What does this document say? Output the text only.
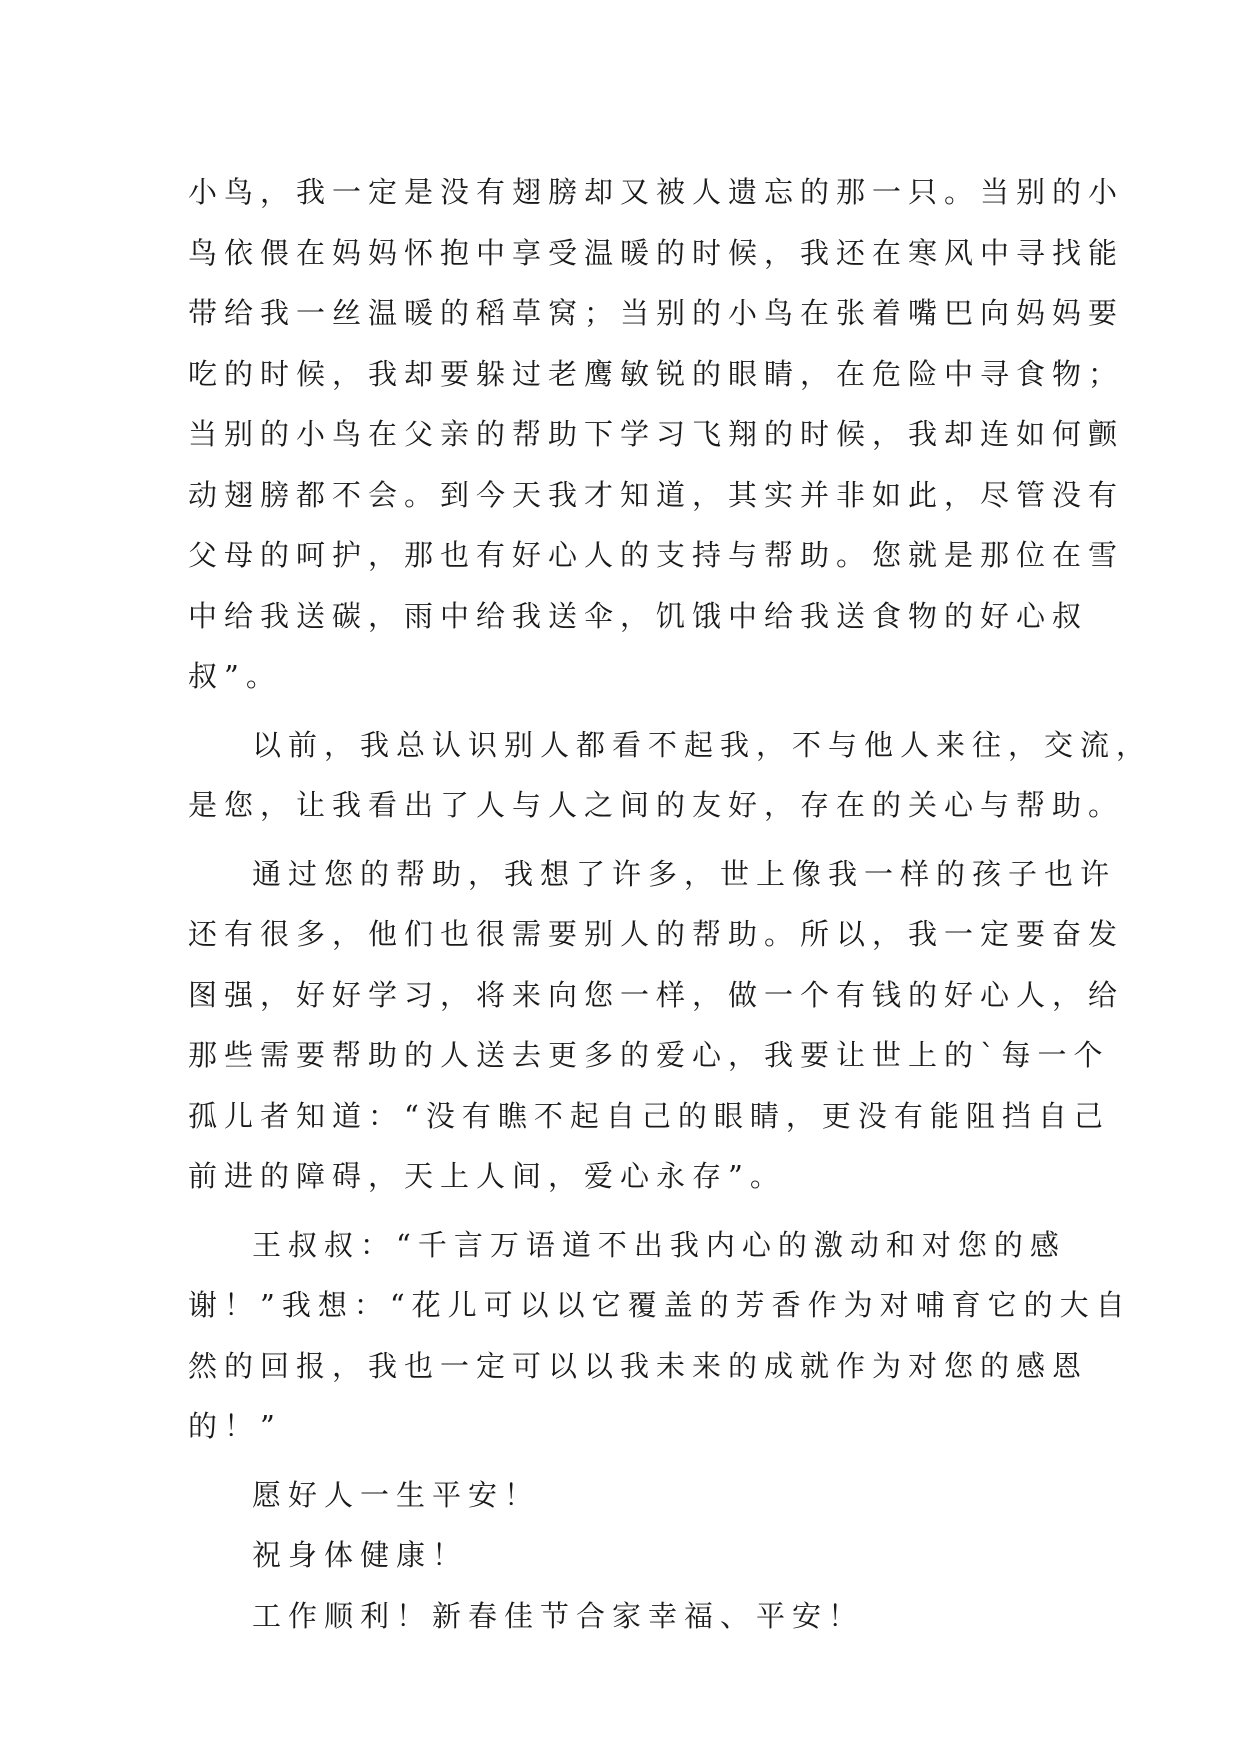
小鸟，我一定是没有翅膀却又被人遗忘的那一只。当别的小
鸟依偎在妈妈怀抱中享受温暖的时候，我还在寒风中寻找能
带给我一丝温暖的稻草窝；当别的小鸟在张着嘴巴向妈妈要
吃的时候，我却要躲过老鹰敏锐的眼睛，在危险中寻食物；
当别的小鸟在父亲的帮助下学习飞翔的时候，我却连如何颤
动翅膀都不会。到今天我才知道，其实并非如此，尽管没有
父母的呵护，那也有好心人的支持与帮助。您就是那位在雪
中给我送碳，雨中给我送伞，饥饿中给我送食物的好心叔
叔”。
以前，我总认识别人都看不起我，不与他人来往，交流，
是您，让我看出了人与人之间的友好，存在的关心与帮助。
通过您的帮助，我想了许多，世上像我一样的孩子也许
还有很多，他们也很需要别人的帮助。所以，我一定要奋发
图强，好好学习，将来向您一样，做一个有钱的好心人，给
那些需要帮助的人送去更多的爱心，我要让世上的`每一个
孤儿者知道：“没有瞧不起自己的眼睛，更没有能阻挡自己
前进的障碍，天上人间，爱心永存”。
王叔叔：“千言万语道不出我内心的激动和对您的感
谢！”我想：“花儿可以以它覆盖的芳香作为对哺育它的大自
然的回报，我也一定可以以我未来的成就作为对您的感恩
的！”
愿好人一生平安！
祝身体健康！
工作顺利！新春佳节合家幸福、平安！
